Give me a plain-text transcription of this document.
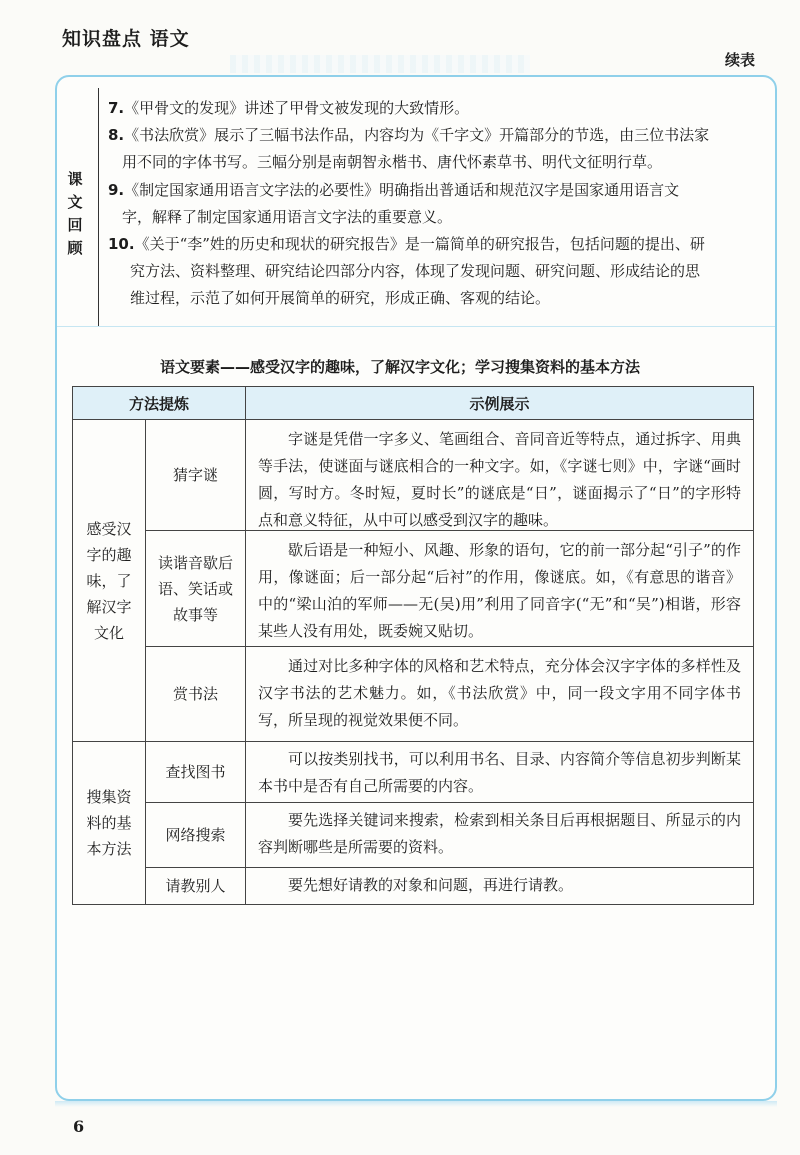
知识盘点 语文
续表
课文回顾
7.《甲骨文的发现》讲述了甲骨文被发现的大致情形。
8.《书法欣赏》展示了三幅书法作品，内容均为《千字文》开篇部分的节选，由三位书法家
用不同的字体书写。三幅分别是南朝智永楷书、唐代怀素草书、明代文征明行草。
9.《制定国家通用语言文字法的必要性》明确指出普通话和规范汉字是国家通用语言文
字，解释了制定国家通用语言文字法的重要意义。
10.《关于“李”姓的历史和现状的研究报告》是一篇简单的研究报告，包括问题的提出、研
究方法、资料整理、研究结论四部分内容，体现了发现问题、研究问题、形成结论的思
维过程，示范了如何开展简单的研究，形成正确、客观的结论。
语文要素——感受汉字的趣味，了解汉字文化；学习搜集资料的基本方法
方法提炼	示例展示
感受汉字的趣味，了解汉字文化
猜字谜
字谜是凭借一字多义、笔画组合、音同音近等特点，通过拆字、用典等手法，使谜面与谜底相合的一种文字。如，《字谜七则》中，字谜“画时圆，写时方。冬时短，夏时长”的谜底是“日”，谜面揭示了“日”的字形特点和意义特征，从中可以感受到汉字的趣味。
读谐音歇后语、笑话或故事等
歇后语是一种短小、风趣、形象的语句，它的前一部分起“引子”的作用，像谜面；后一部分起“后衬”的作用，像谜底。如，《有意思的谐音》中的“梁山泊的军师——无(吴)用”利用了同音字(“无”和“吴”)相谐，形容某些人没有用处，既委婉又贴切。
赏书法
通过对比多种字体的风格和艺术特点，充分体会汉字字体的多样性及汉字书法的艺术魅力。如，《书法欣赏》中，同一段文字用不同字体书写，所呈现的视觉效果便不同。
搜集资料的基本方法
查找图书
可以按类别找书，可以利用书名、目录、内容简介等信息初步判断某本书中是否有自己所需要的内容。
网络搜索
要先选择关键词来搜索，检索到相关条目后再根据题目、所显示的内容判断哪些是所需要的资料。
请教别人	要先想好请教的对象和问题，再进行请教。
6
